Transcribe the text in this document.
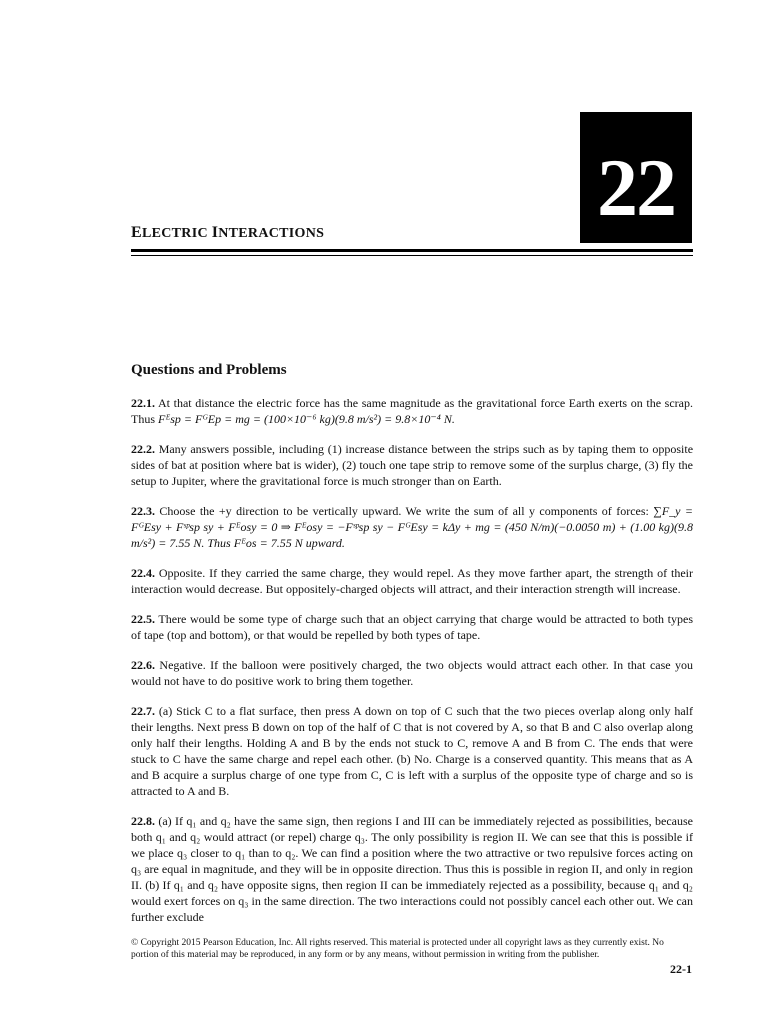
22
ELECTRIC INTERACTIONS
Questions and Problems

22.1. At that distance the electric force has the same magnitude as the gravitational force Earth exerts on the scrap. Thus Fᴱsp = FᴳEp = mg = (100×10⁻⁶ kg)(9.8 m/s²) = 9.8×10⁻⁴ N.

22.2. Many answers possible, including (1) increase distance between the strips such as by taping them to opposite sides of bat at position where bat is wider), (2) touch one tape strip to remove some of the surplus charge, (3) fly the setup to Jupiter, where the gravitational force is much stronger than on Earth.

22.3. Choose the +y direction to be vertically upward. We write the sum of all y components of forces: ∑F_y = FᴳEsy + Fˢᵖsp sy + Fᴱosy = 0 ⇒ Fᴱosy = −Fˢᵖsp sy − FᴳEsy = kΔy + mg = (450 N/m)(−0.0050 m) + (1.00 kg)(9.8 m/s²) = 7.55 N. Thus Fᴱos = 7.55 N upward.

22.4. Opposite. If they carried the same charge, they would repel. As they move farther apart, the strength of their interaction would decrease. But oppositely-charged objects will attract, and their interaction strength will increase.

22.5. There would be some type of charge such that an object carrying that charge would be attracted to both types of tape (top and bottom), or that would be repelled by both types of tape.

22.6. Negative. If the balloon were positively charged, the two objects would attract each other. In that case you would not have to do positive work to bring them together.

22.7. (a) Stick C to a flat surface, then press A down on top of C such that the two pieces overlap along only half their lengths. Next press B down on top of the half of C that is not covered by A, so that B and C also overlap along only half their lengths. Holding A and B by the ends not stuck to C, remove A and B from C. The ends that were stuck to C have the same charge and repel each other. (b) No. Charge is a conserved quantity. This means that as A and B acquire a surplus charge of one type from C, C is left with a surplus of the opposite type of charge and so is attracted to A and B.

22.8. (a) If q₁ and q₂ have the same sign, then regions I and III can be immediately rejected as possibilities, because both q₁ and q₂ would attract (or repel) charge q₃. The only possibility is region II. We can see that this is possible if we place q₃ closer to q₁ than to q₂. We can find a position where the two attractive or two repulsive forces acting on q₃ are equal in magnitude, and they will be in opposite direction. Thus this is possible in region II, and only in region II. (b) If q₁ and q₂ have opposite signs, then region II can be immediately rejected as a possibility, because q₁ and q₂ would exert forces on q₃ in the same direction. The two interactions could not possibly cancel each other out. We can further exclude

© Copyright 2015 Pearson Education, Inc. All rights reserved. This material is protected under all copyright laws as they currently exist. No portion of this material may be reproduced, in any form or by any means, without permission in writing from the publisher.
22-1
